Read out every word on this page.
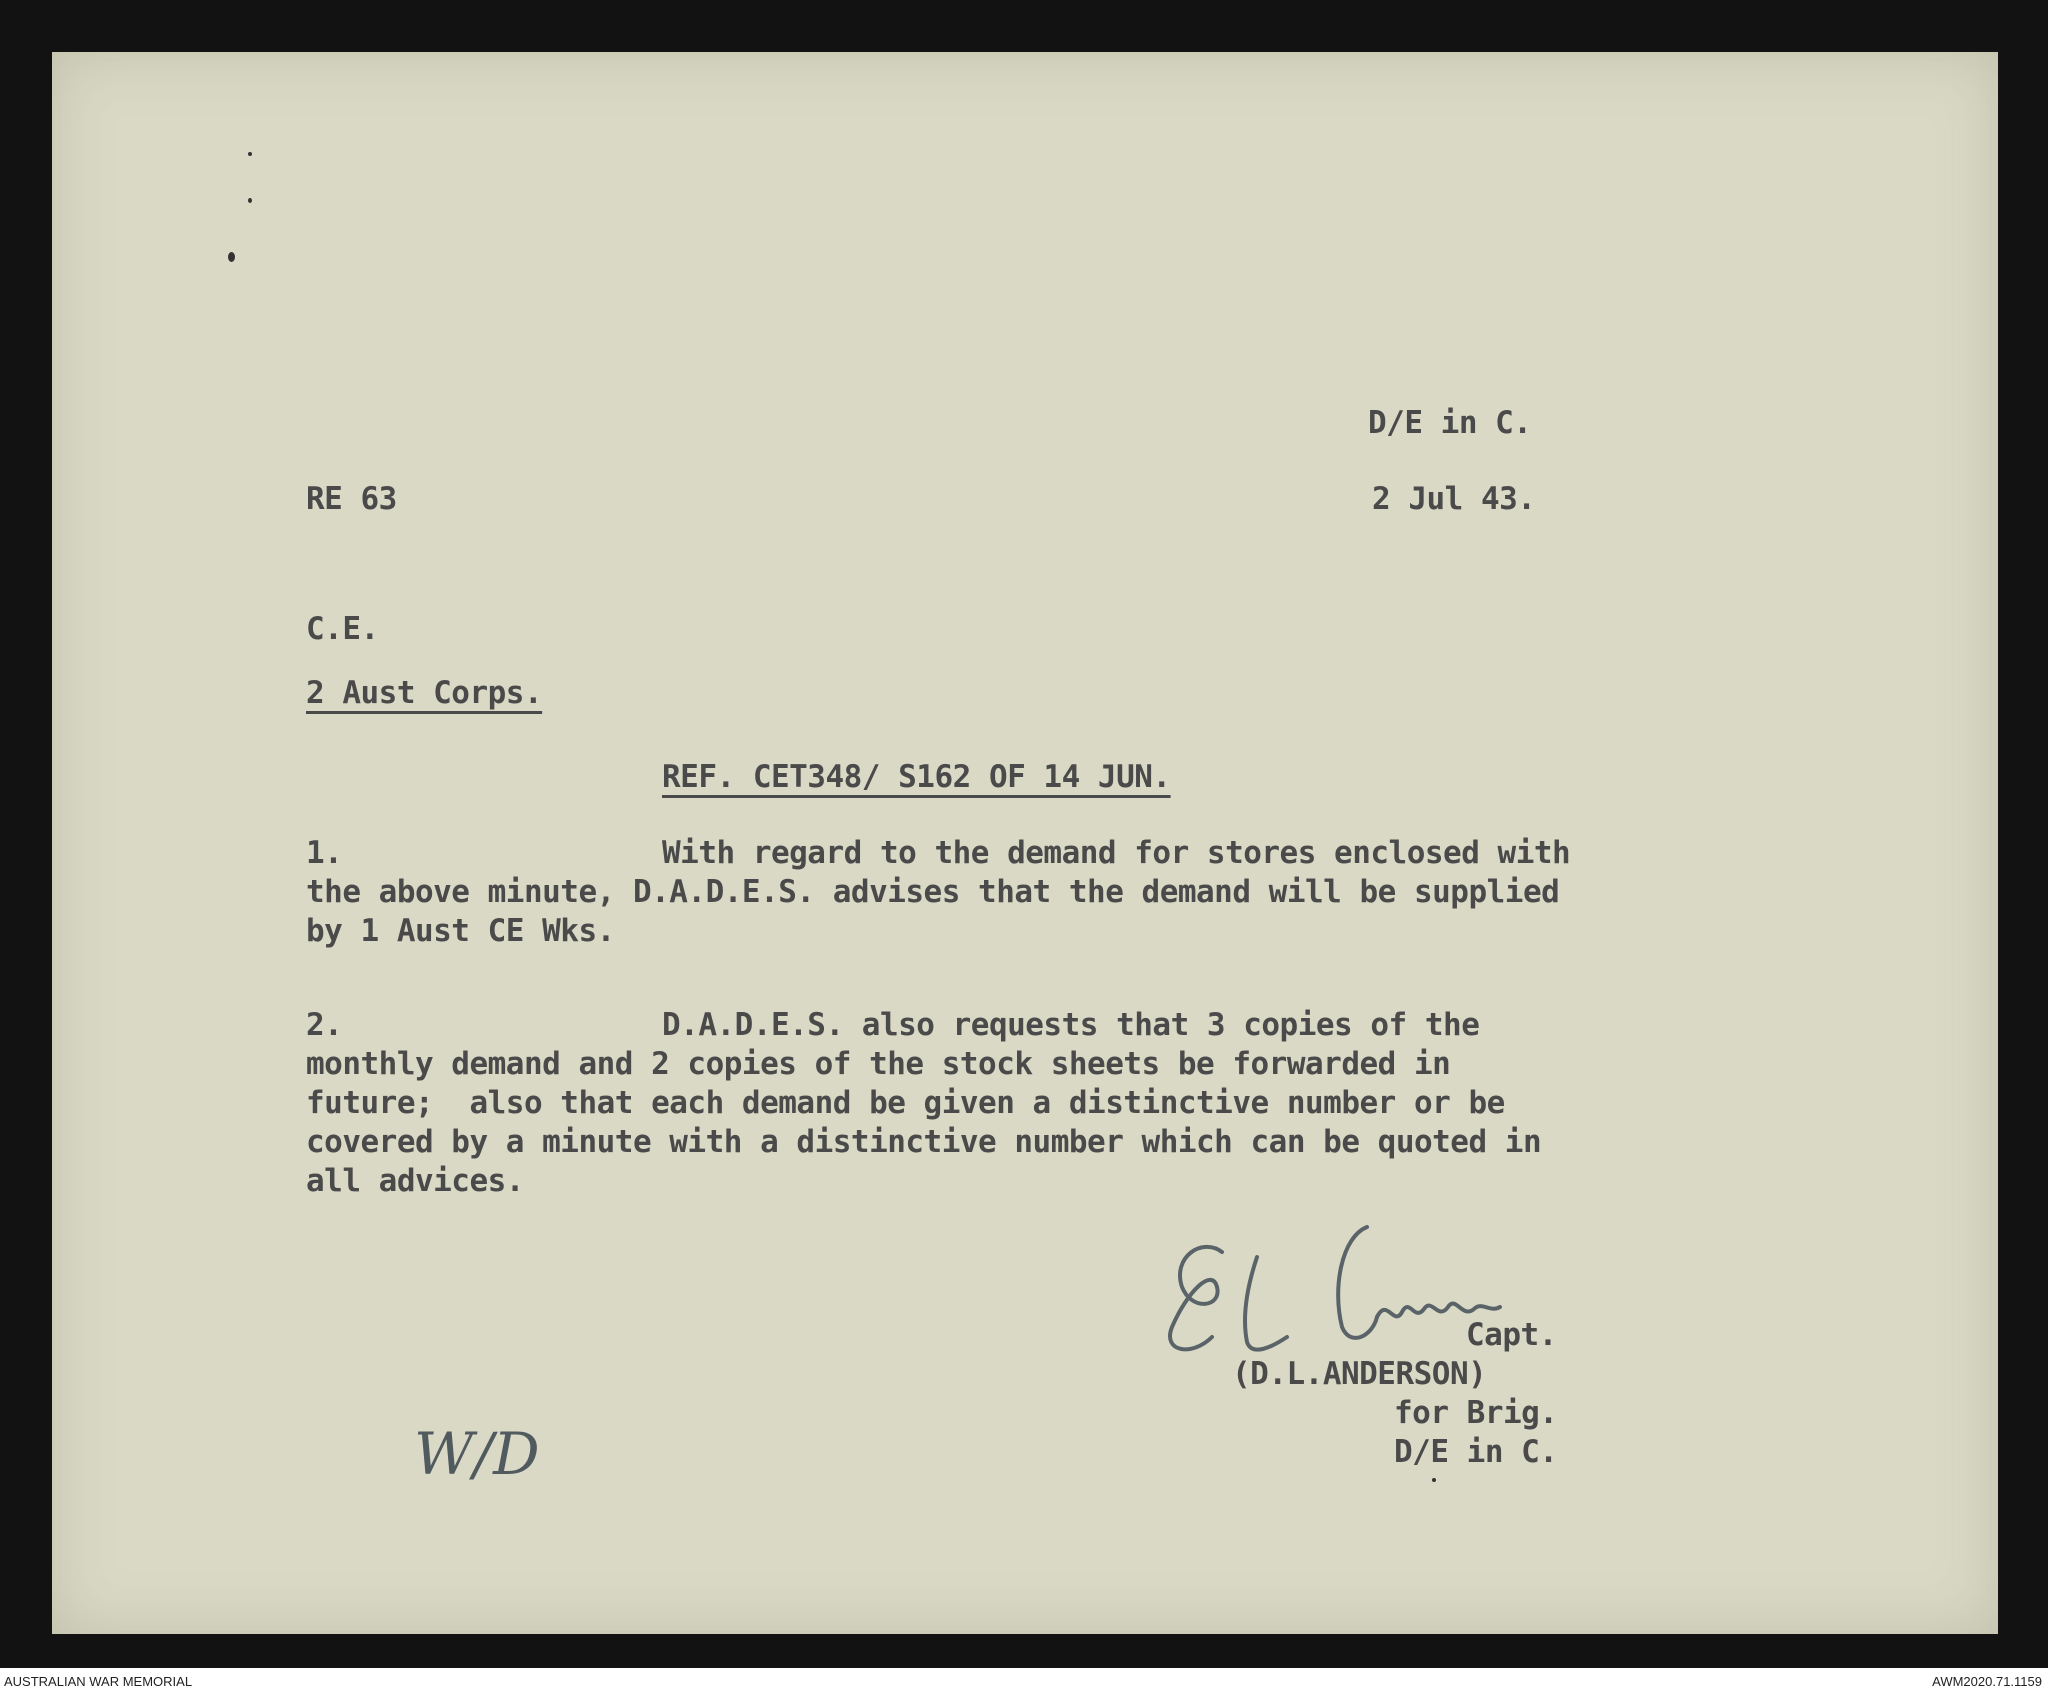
D/E in C.
RE 63	2 Jul 43.
C.E.
2 Aust Corps.
REF. CET348/ S162 OF 14 JUN.
1.	With regard to the demand for stores enclosed with
the above minute, D.A.D.E.S. advises that the demand will be supplied
by 1 Aust CE Wks.
2.	D.A.D.E.S. also requests that 3 copies of the
monthly demand and 2 copies of the stock sheets be forwarded in
future;  also that each demand be given a distinctive number or be
covered by a minute with a distinctive number which can be quoted in
all advices.
Capt.
(D.L.ANDERSON)
for Brig.
D/E in C.
W/D
AUSTRALIAN WAR MEMORIAL	AWM2020.71.1159
